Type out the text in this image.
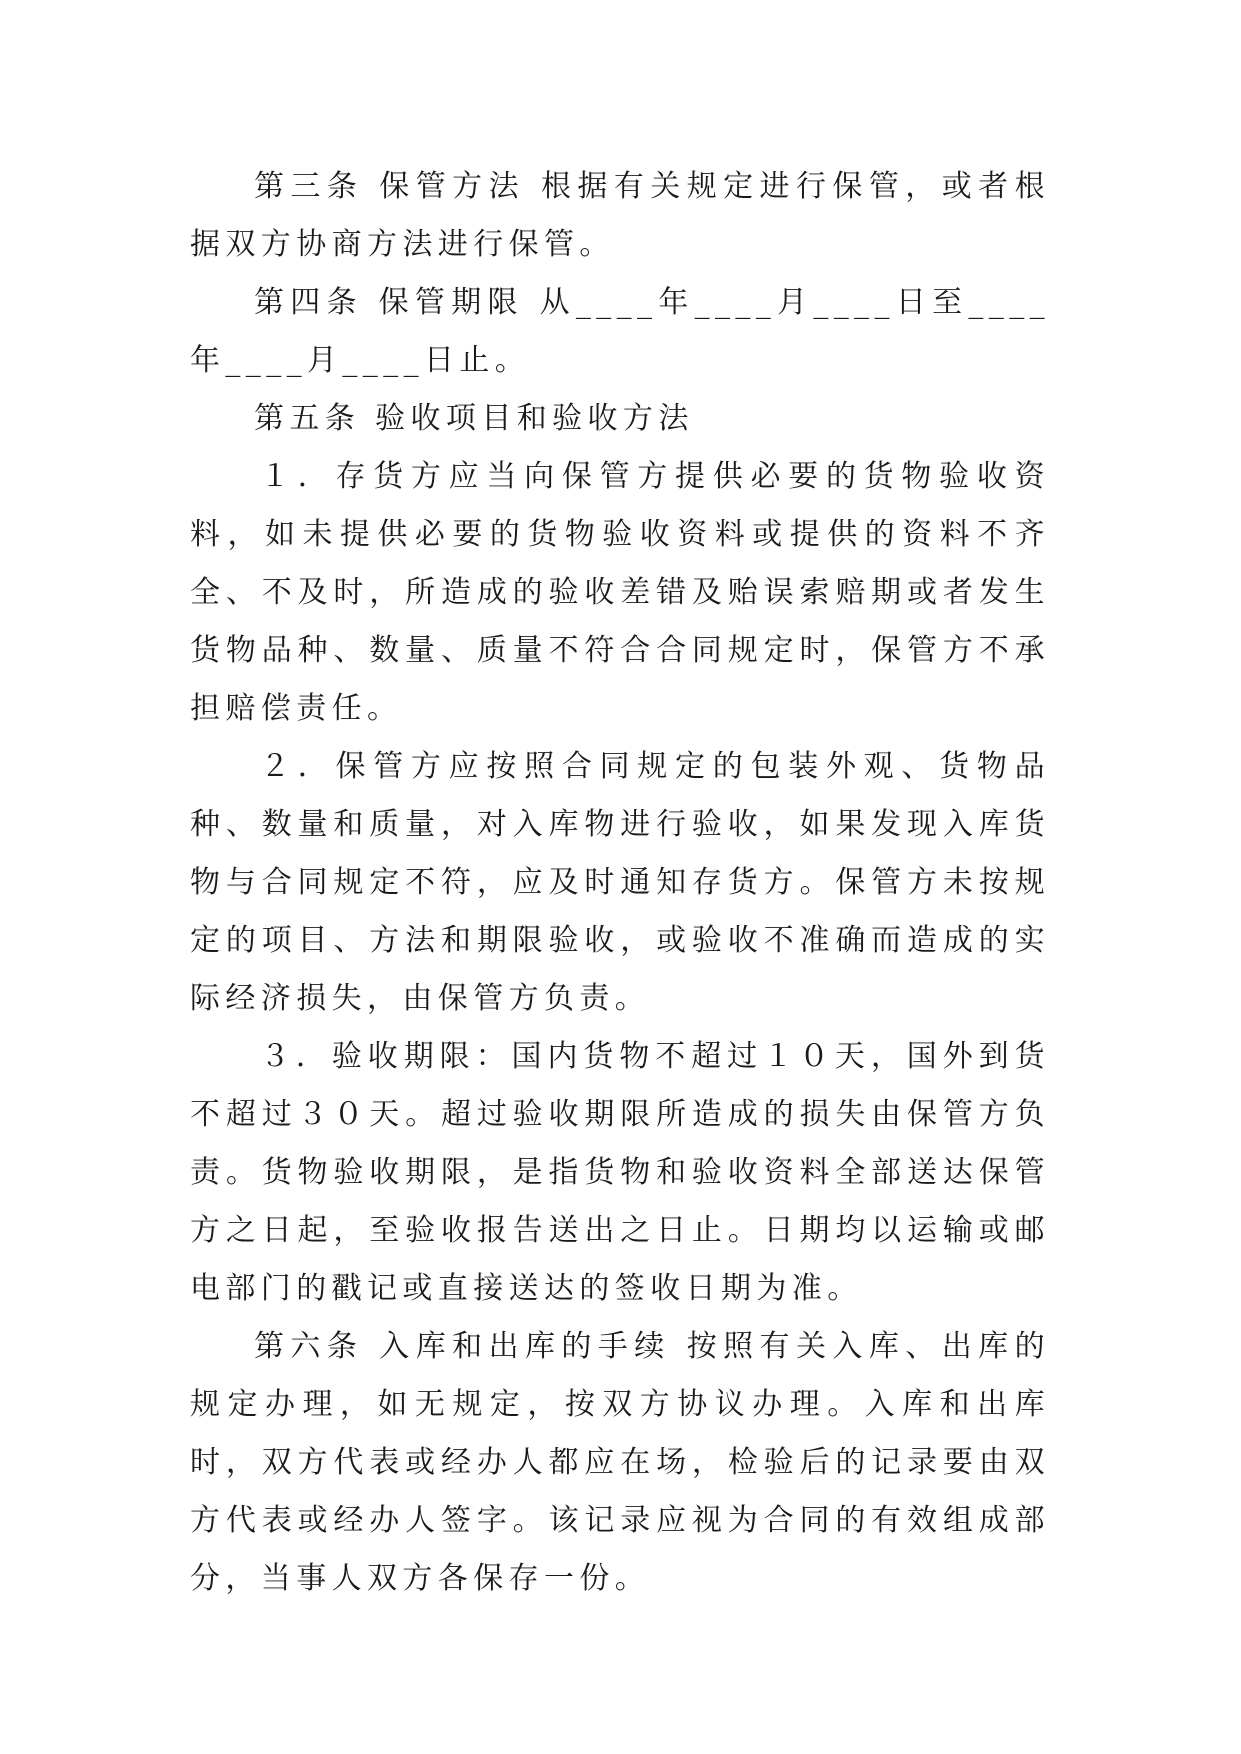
第三条 保管方法 根据有关规定进行保管，或者根据双方协商方法进行保管。

第四条 保管期限 从____年____月____日至____年____月____日止。

第五条 验收项目和验收方法

１．存货方应当向保管方提供必要的货物验收资料，如未提供必要的货物验收资料或提供的资料不齐全、不及时，所造成的验收差错及贻误索赔期或者发生货物品种、数量、质量不符合合同规定时，保管方不承担赔偿责任。

２．保管方应按照合同规定的包装外观、货物品种、数量和质量，对入库物进行验收，如果发现入库货物与合同规定不符，应及时通知存货方。保管方未按规定的项目、方法和期限验收，或验收不准确而造成的实际经济损失，由保管方负责。

３．验收期限：国内货物不超过１０天，国外到货不超过３０天。超过验收期限所造成的损失由保管方负责。货物验收期限，是指货物和验收资料全部送达保管方之日起，至验收报告送出之日止。日期均以运输或邮电部门的戳记或直接送达的签收日期为准。

第六条 入库和出库的手续 按照有关入库、出库的规定办理，如无规定，按双方协议办理。入库和出库时，双方代表或经办人都应在场，检验后的记录要由双方代表或经办人签字。该记录应视为合同的有效组成部分，当事人双方各保存一份。
